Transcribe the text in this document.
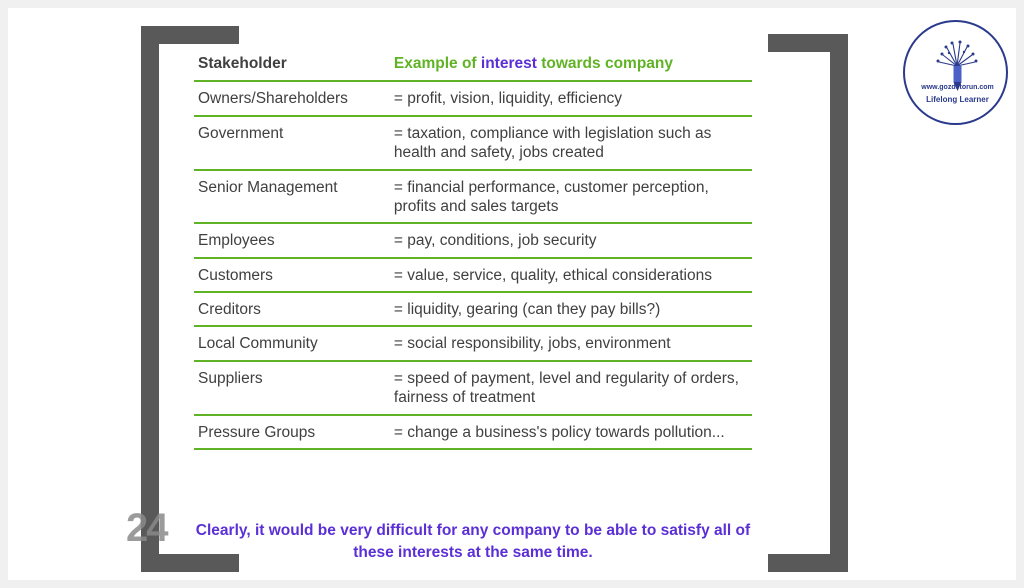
24
www.gozdetorun.com
Lifelong Learner
Stakeholder	Example of interest towards company
Owners/Shareholders	= profit, vision, liquidity, efficiency
Government	= taxation, compliance with legislation such as health and safety, jobs created
Senior Management	= financial performance, customer perception, profits and sales targets
Employees	= pay, conditions, job security
Customers	= value, service, quality, ethical considerations
Creditors	= liquidity, gearing (can they pay bills?)
Local Community	= social responsibility, jobs, environment
Suppliers	= speed of payment, level and regularity of orders, fairness of treatment
Pressure Groups	= change a business's policy towards pollution...
Clearly, it would be very difficult for any company to be able to satisfy all of these interests at the same time.
